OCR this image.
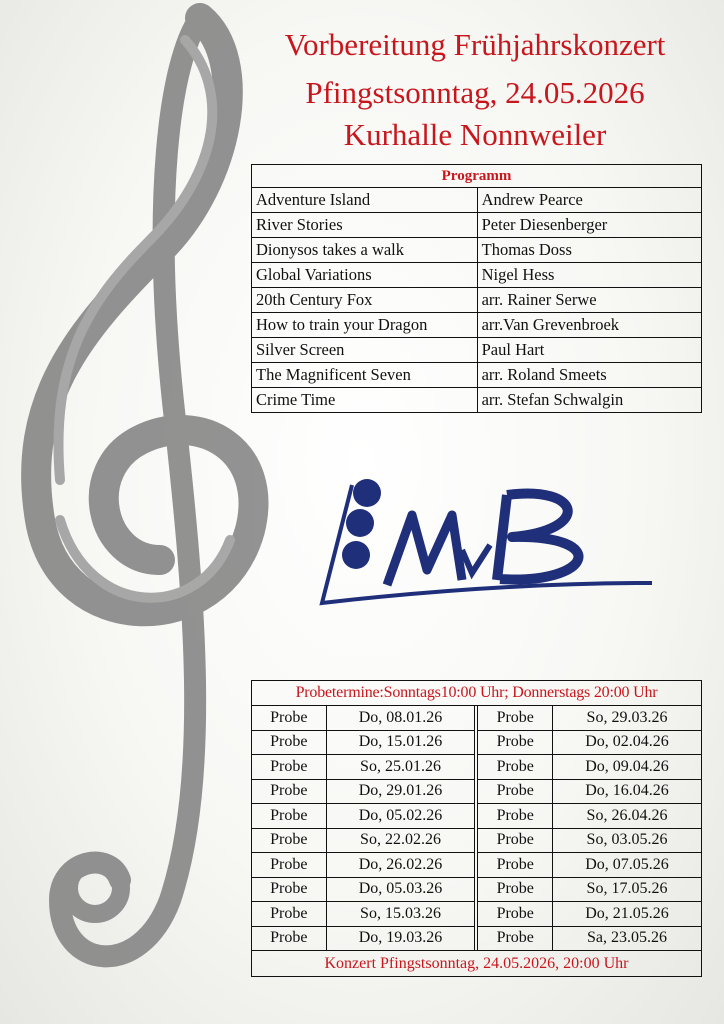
Vorbereitung Frühjahrskonzert
Pfingstsonntag, 24.05.2026
Kurhalle Nonnweiler
Programm	
Adventure Island	Andrew Pearce
River Stories	Peter Diesenberger
Dionysos takes a walk	Thomas Doss
Global Variations	Nigel Hess
20th Century Fox	arr. Rainer Serwe
How to train your Dragon	arr.Van Grevenbroek
Silver Screen	Paul Hart
The Magnificent Seven	arr. Roland Smeets
Crime Time	arr. Stefan Schwalgin
Probetermine:Sonntags10:00 Uhr; Donnerstags 20:00 Uhr				
Probe	Do, 08.01.26		Probe	So, 29.03.26
Probe	Do, 15.01.26		Probe	Do, 02.04.26
Probe	So, 25.01.26		Probe	Do, 09.04.26
Probe	Do, 29.01.26		Probe	Do, 16.04.26
Probe	Do, 05.02.26		Probe	So, 26.04.26
Probe	So, 22.02.26		Probe	So, 03.05.26
Probe	Do, 26.02.26		Probe	Do, 07.05.26
Probe	Do, 05.03.26		Probe	So, 17.05.26
Probe	So, 15.03.26		Probe	Do, 21.05.26
Probe	Do, 19.03.26		Probe	Sa, 23.05.26
Konzert Pfingstsonntag, 24.05.2026, 20:00 Uhr				
